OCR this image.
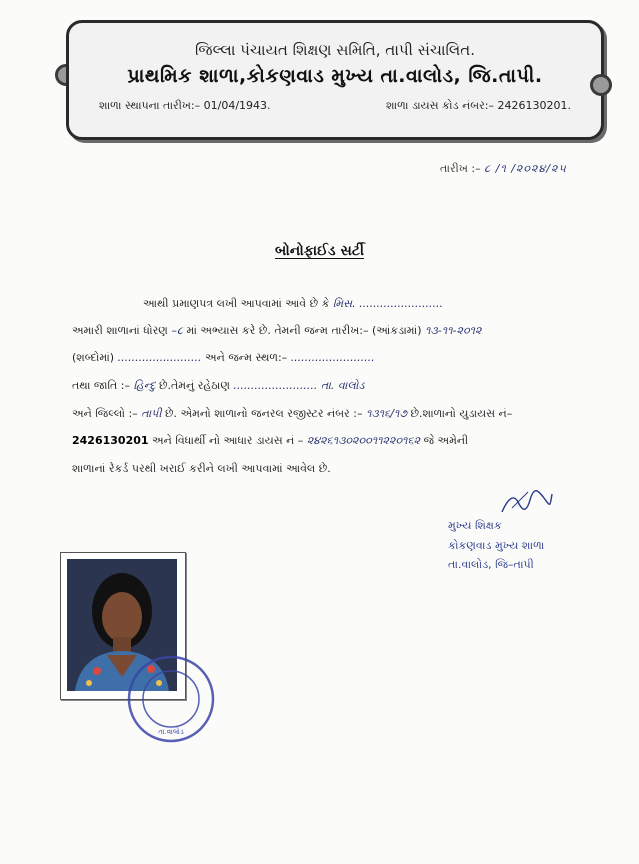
જિલ્લા પંચાયત શિક્ષણ સમિતિ, તાપી સંચાલિત.
પ્રાથમિક શાળા,કોકણવાડ મુખ્ય તા.વાલોડ, જિ.તાપી.
શાળા સ્થાપના તારીખ:– 01/04/1943.	શાળા ડાયસ કોડ નંબર:– 2426130201.
તારીખ :– ૮ /૧ /૨૦૨૪/૨૫
બોનોફાઈડ સર્ટી
આથી પ્રમાણપત્ર લખી આપવામાં આવે છે કે મિસ. ........................
અમારી શાળાનાં ધોરણ –૮ માં અભ્યાસ કરે છે. તેમની જન્મ તારીખ:– (આંકડામાં) ૧૩-૧૧-૨૦૧૨
(શબ્દોમાં) ........................ અને જન્મ સ્થળ:– ........................
તથા જાતિ :– હિન્દુ છે.તેમનું રહેઠાણ ........................ તા. વાલોડ
અને જિલ્લો :– તાપી છે. એમનો શાળાનો જનરલ રજીસ્ટર નંબર :– ૧૩૧૬/૧૭ છે.શાળાનો યુડાયસ નં–
2426130201 અને વિધાર્થી નો આધાર ડાયસ નં – ૨૪૨૬૧૩૦૨૦૦૧૧૨૨૦૧૬૨ જે અમેની
શાળાનાં રેકર્ડ પરથી ખરાઈ કરીને લખી આપવામાં આવેલ છે.
મુખ્ય શિક્ષક
કોકણવાડ મુખ્ય શાળા
તા.વાલોડ, જિ–તાપી
તા.વાલોડ
